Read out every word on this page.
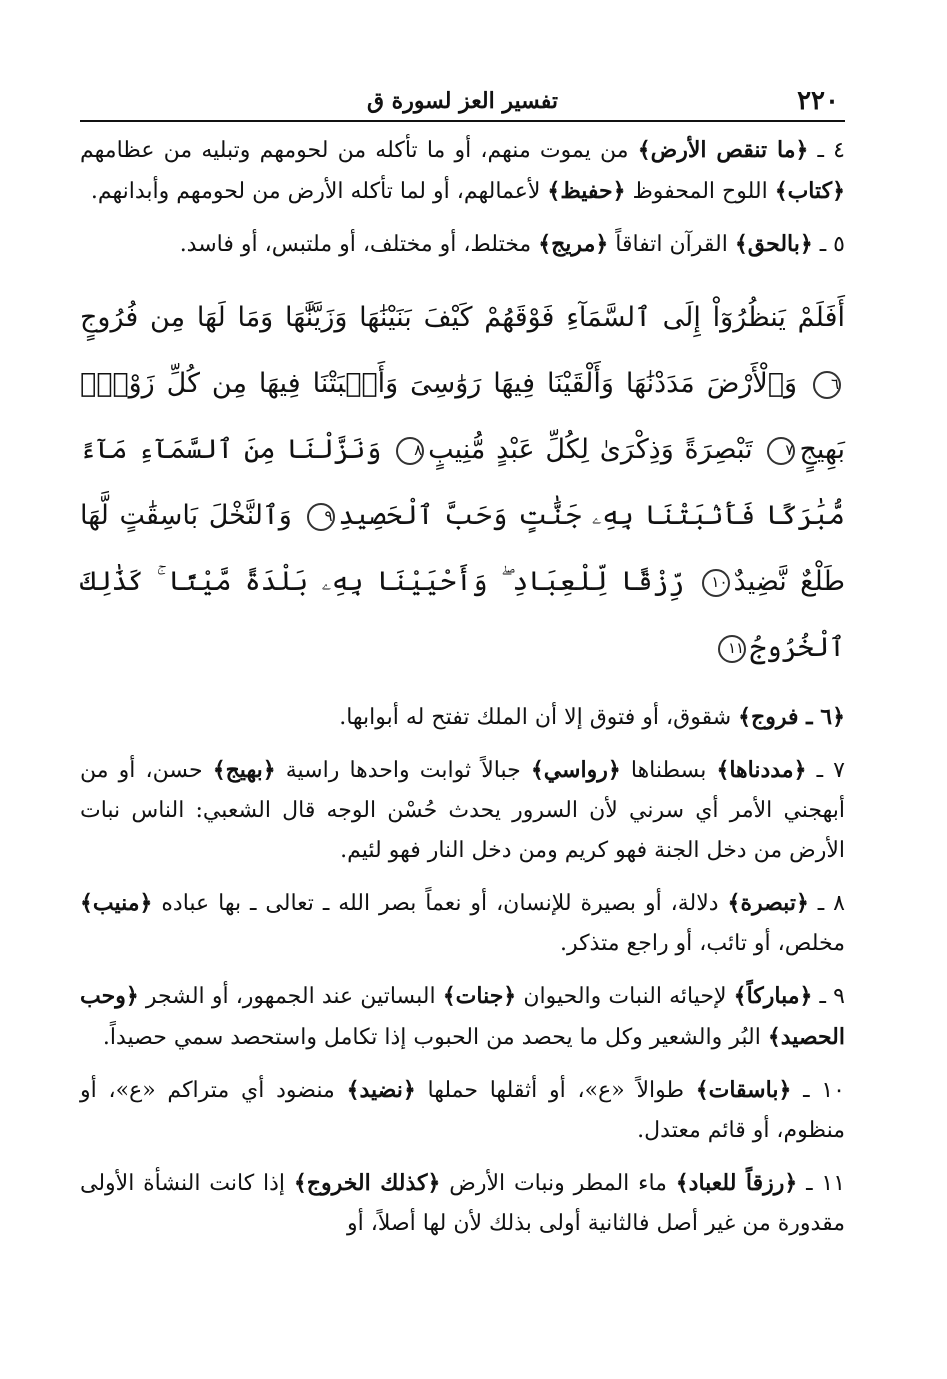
٢٢٠
تفسير العز لسورة ق

٤ ـ ﴿ما تنقص الأرض﴾ من يموت منهم، أو ما تأكله من لحومهم وتبليه من عظامهم ﴿كتاب﴾ اللوح المحفوظ ﴿حفيظ﴾ لأعمالهم، أو لما تأكله الأرض من لحومهم وأبدانهم.

٥ ـ ﴿بالحق﴾ القرآن اتفاقاً ﴿مريج﴾ مختلط، أو مختلف، أو ملتبس، أو فاسد.

أَفَلَمْ يَنظُرُوٓاْ إِلَى ٱلسَّمَآءِ فَوْقَهُمْ كَيْفَ بَنَيْنَٰهَا وَزَيَّنَّٰهَا وَمَا لَهَا مِن فُرُوجٍ٦ وَٱلْأَرْضَ مَدَدْنَٰهَا وَأَلْقَيْنَا فِيهَا رَوَٰسِىَ وَأَنۢبَتْنَا فِيهَا مِن كُلِّ زَوْجٍۭ بَهِيجٍ٧ تَبْصِرَةً وَذِكْرَىٰ لِكُلِّ عَبْدٍ مُّنِيبٍ٨ وَنَزَّلْنَا مِنَ ٱلسَّمَآءِ مَآءً مُّبَٰرَكًا فَأَنۢبَتْنَا بِهِۦ جَنَّٰتٍ وَحَبَّ ٱلْحَصِيدِ٩ وَٱلنَّخْلَ بَاسِقَٰتٍ لَّهَا طَلْعٌ نَّضِيدٌ١٠ رِّزْقًا لِّلْعِبَادِ ۖ وَأَحْيَيْنَا بِهِۦ بَلْدَةً مَّيْتًا ۚ كَذَٰلِكَ ٱلْخُرُوجُ١١

﴿٦ ـ فروج﴾ شقوق، أو فتوق إلا أن الملك تفتح له أبوابها.

٧ ـ ﴿مددناها﴾ بسطناها ﴿رواسي﴾ جبالاً ثوابت واحدها راسية ﴿بهيج﴾ حسن، أو من أبهجني الأمر أي سرني لأن السرور يحدث حُسْن الوجه قال الشعبي: الناس نبات الأرض من دخل الجنة فهو كريم ومن دخل النار فهو لئيم.

٨ ـ ﴿تبصرة﴾ دلالة، أو بصيرة للإنسان، أو نعماً بصر الله ـ تعالى ـ بها عباده ﴿منيب﴾ مخلص، أو تائب، أو راجع متذكر.

٩ ـ ﴿مباركاً﴾ لإحيائه النبات والحيوان ﴿جنات﴾ البساتين عند الجمهور، أو الشجر ﴿وحب الحصيد﴾ البُر والشعير وكل ما يحصد من الحبوب إذا تكامل واستحصد سمي حصيداً.

١٠ ـ ﴿باسقات﴾ طوالاً «ع»، أو أثقلها حملها ﴿نضيد﴾ منضود أي متراكم «ع»، أو منظوم، أو قائم معتدل.

١١ ـ ﴿رزقاً للعباد﴾ ماء المطر ونبات الأرض ﴿كذلك الخروج﴾ إذا كانت النشأة الأولى مقدورة من غير أصل فالثانية أولى بذلك لأن لها أصلاً، أو
